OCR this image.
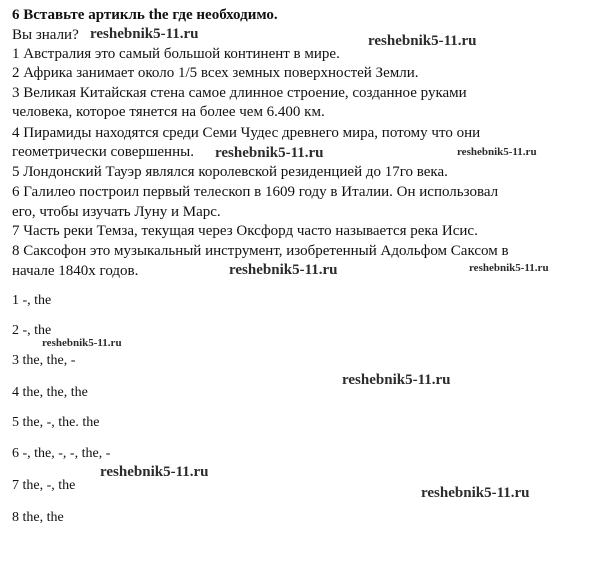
6 Вставьте артикль the где необходимо.
Вы знали?
1 Австралия это самый большой континент в мире.
2 Африка занимает около 1/5 всех земных поверхностей Земли.
3 Великая Китайская стена самое длинное строение, созданное руками
человека, которое тянется на более чем 6.400 км.
4 Пирамиды находятся среди Семи Чудес древнего мира, потому что они
геометрически совершенны.
5 Лондонский Тауэр являлся королевской резиденцией до 17го века.
6 Галилео построил первый телескоп в 1609 году в Италии. Он использовал
его, чтобы изучать Луну и Марс.
7 Часть реки Темза, текущая через Оксфорд часто называется река Исис.
8 Саксофон это музыкальный инструмент, изобретенный Адольфом Саксом в
начале 1840х годов.
1 -, the
2 -, the
3 the, the, -
4 the, the, the
5 the, -, the. the
6 -, the, -, -, the, -
7 the, -, the
8 the, the
reshebnik5-11.ru	reshebnik5-11.ru
reshebnik5-11.ru	reshebnik5-11.ru
reshebnik5-11.ru	reshebnik5-11.ru
reshebnik5-11.ru
reshebnik5-11.ru
reshebnik5-11.ru
reshebnik5-11.ru
